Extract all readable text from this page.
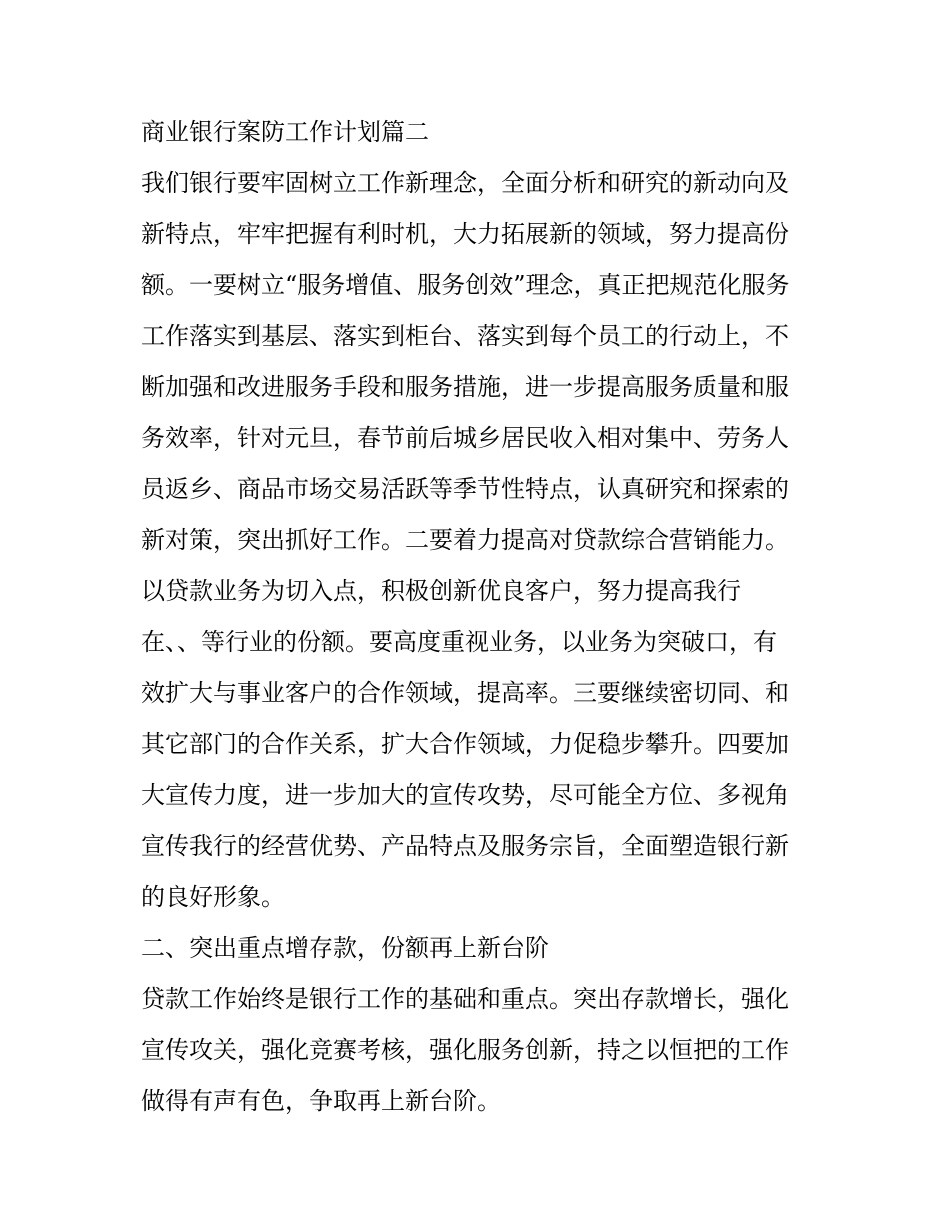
商业银行案防工作计划篇二

我们银行要牢固树立工作新理念，全面分析和研究的新动向及

新特点，牢牢把握有利时机，大力拓展新的领域，努力提高份

额。一要树立“服务增值、服务创效”理念，真正把规范化服务

工作落实到基层、落实到柜台、落实到每个员工的行动上，不

断加强和改进服务手段和服务措施，进一步提高服务质量和服

务效率，针对元旦，春节前后城乡居民收入相对集中、劳务人

员返乡、商品市场交易活跃等季节性特点，认真研究和探索的

新对策，突出抓好工作。二要着力提高对贷款综合营销能力。

以贷款业务为切入点，积极创新优良客户，努力提高我行

在、、等行业的份额。要高度重视业务，以业务为突破口，有

效扩大与事业客户的合作领域，提高率。三要继续密切同、和

其它部门的合作关系，扩大合作领域，力促稳步攀升。四要加

大宣传力度，进一步加大的宣传攻势，尽可能全方位、多视角

宣传我行的经营优势、产品特点及服务宗旨，全面塑造银行新

的良好形象。

二、突出重点增存款，份额再上新台阶

贷款工作始终是银行工作的基础和重点。突出存款增长，强化

宣传攻关，强化竞赛考核，强化服务创新，持之以恒把的工作

做得有声有色，争取再上新台阶。
